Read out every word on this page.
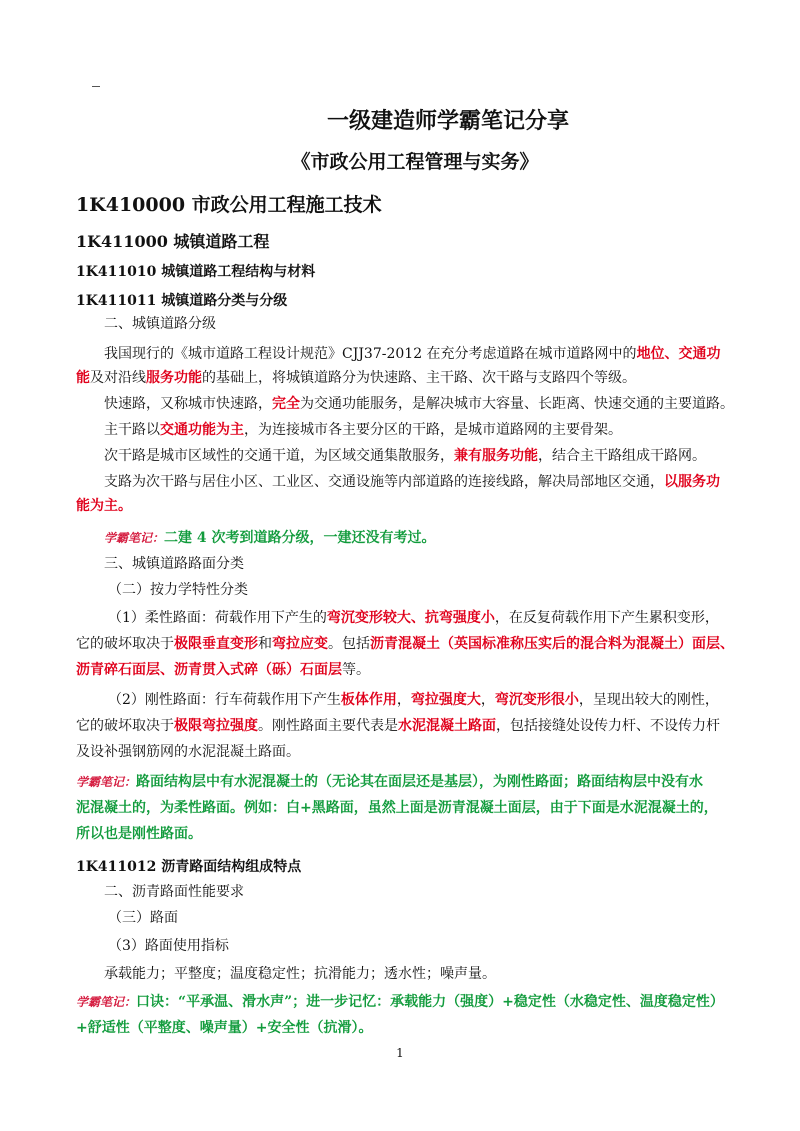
一级建造师学霸笔记分享
《市政公用工程管理与实务》
1K410000 市政公用工程施工技术
1K411000 城镇道路工程
1K411010 城镇道路工程结构与材料
1K411011 城镇道路分类与分级
二、城镇道路分级
我国现行的《城市道路工程设计规范》CJJ37-2012 在充分考虑道路在城市道路网中的地位、交通功
能及对沿线服务功能的基础上，将城镇道路分为快速路、主干路、次干路与支路四个等级。
快速路，又称城市快速路，完全为交通功能服务，是解决城市大容量、长距离、快速交通的主要道路。
主干路以交通功能为主，为连接城市各主要分区的干路，是城市道路网的主要骨架。
次干路是城市区域性的交通干道，为区域交通集散服务，兼有服务功能，结合主干路组成干路网。
支路为次干路与居住小区、工业区、交通设施等内部道路的连接线路，解决局部地区交通，以服务功
能为主。
学霸笔记：二建 4 次考到道路分级，一建还没有考过。
三、城镇道路路面分类
（二）按力学特性分类
（1）柔性路面：荷载作用下产生的弯沉变形较大、抗弯强度小，在反复荷载作用下产生累积变形，
它的破坏取决于极限垂直变形和弯拉应变。包括沥青混凝土（英国标准称压实后的混合料为混凝土）面层、
沥青碎石面层、沥青贯入式碎（砾）石面层等。
（2）刚性路面：行车荷载作用下产生板体作用，弯拉强度大，弯沉变形很小，呈现出较大的刚性，
它的破坏取决于极限弯拉强度。刚性路面主要代表是水泥混凝土路面，包括接缝处设传力杆、不设传力杆
及设补强钢筋网的水泥混凝土路面。
学霸笔记：路面结构层中有水泥混凝土的（无论其在面层还是基层），为刚性路面；路面结构层中没有水
泥混凝土的，为柔性路面。例如：白+黑路面，虽然上面是沥青混凝土面层，由于下面是水泥混凝土的，
所以也是刚性路面。
1K411012 沥青路面结构组成特点
二、沥青路面性能要求
（三）路面
（3）路面使用指标
承载能力；平整度；温度稳定性；抗滑能力；透水性；噪声量。
学霸笔记：口诀：“平承温、滑水声”；进一步记忆：承载能力（强度）+稳定性（水稳定性、温度稳定性）
+舒适性（平整度、噪声量）+安全性（抗滑）。
1
